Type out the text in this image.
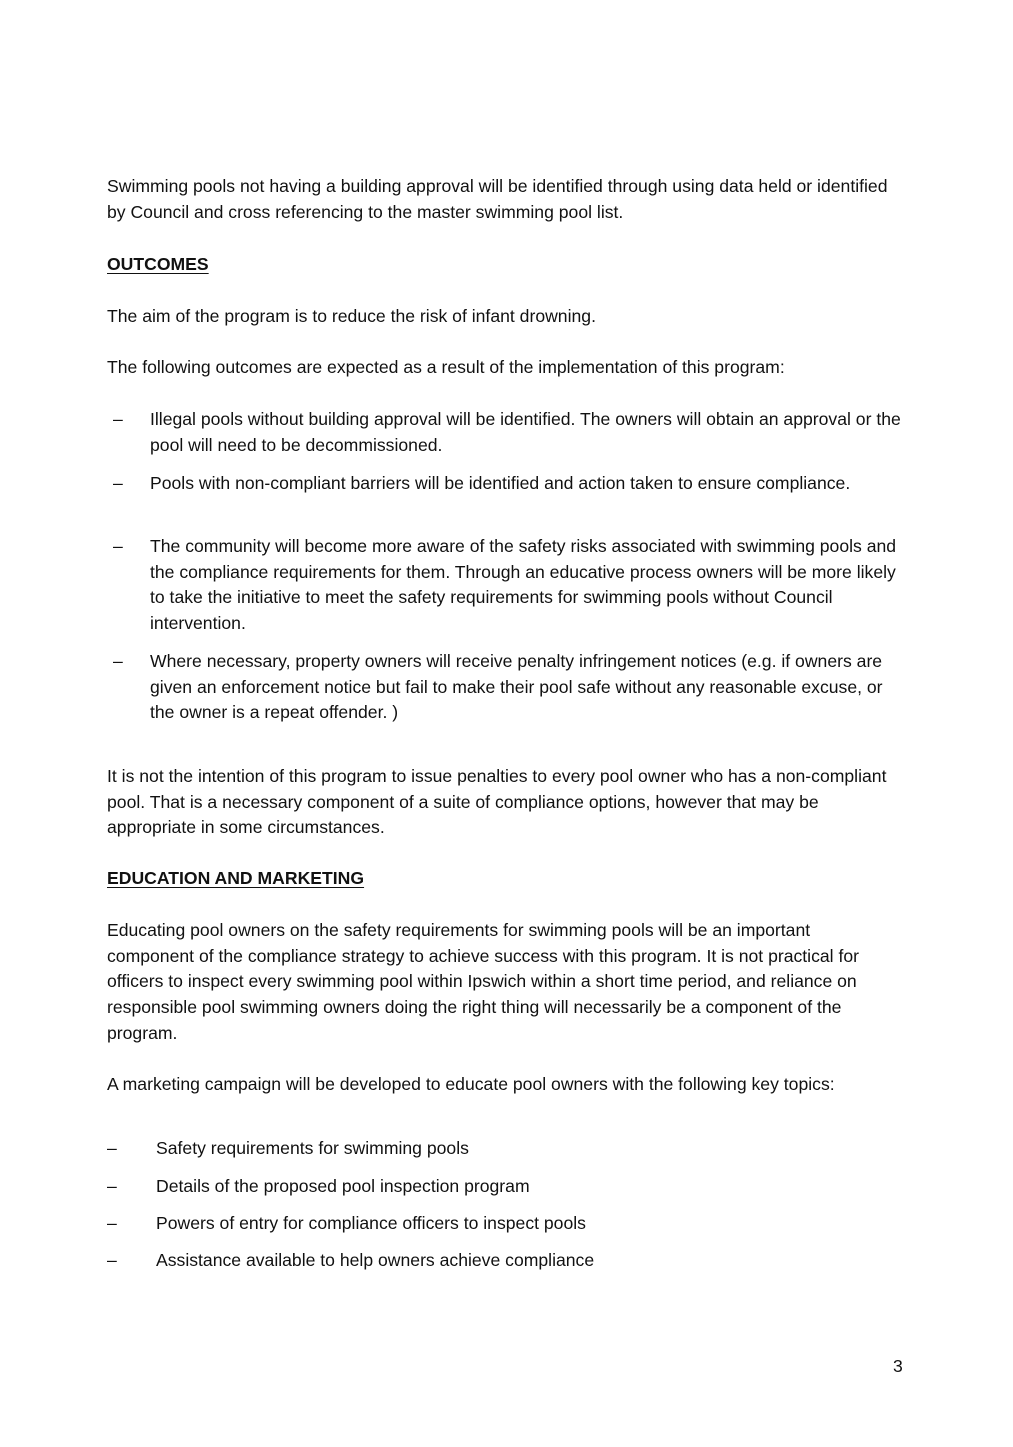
Swimming pools not having a building approval will be identified through using data held or identified by Council and cross referencing to the master swimming pool list.

OUTCOMES

The aim of the program is to reduce the risk of infant drowning.

The following outcomes are expected as a result of the implementation of this program:

– Illegal pools without building approval will be identified. The owners will obtain an approval or the pool will need to be decommissioned.
– Pools with non-compliant barriers will be identified and action taken to ensure compliance.
– The community will become more aware of the safety risks associated with swimming pools and the compliance requirements for them. Through an educative process owners will be more likely to take the initiative to meet the safety requirements for swimming pools without Council intervention.
– Where necessary, property owners will receive penalty infringement notices (e.g. if owners are given an enforcement notice but fail to make their pool safe without any reasonable excuse, or the owner is a repeat offender. )

It is not the intention of this program to issue penalties to every pool owner who has a non-compliant pool. That is a necessary component of a suite of compliance options, however that may be appropriate in some circumstances.

EDUCATION AND MARKETING

Educating pool owners on the safety requirements for swimming pools will be an important component of the compliance strategy to achieve success with this program. It is not practical for officers to inspect every swimming pool within Ipswich within a short time period, and reliance on responsible pool swimming owners doing the right thing will necessarily be a component of the program.

A marketing campaign will be developed to educate pool owners with the following key topics:

– Safety requirements for swimming pools
– Details of the proposed pool inspection program
– Powers of entry for compliance officers to inspect pools
– Assistance available to help owners achieve compliance
3
